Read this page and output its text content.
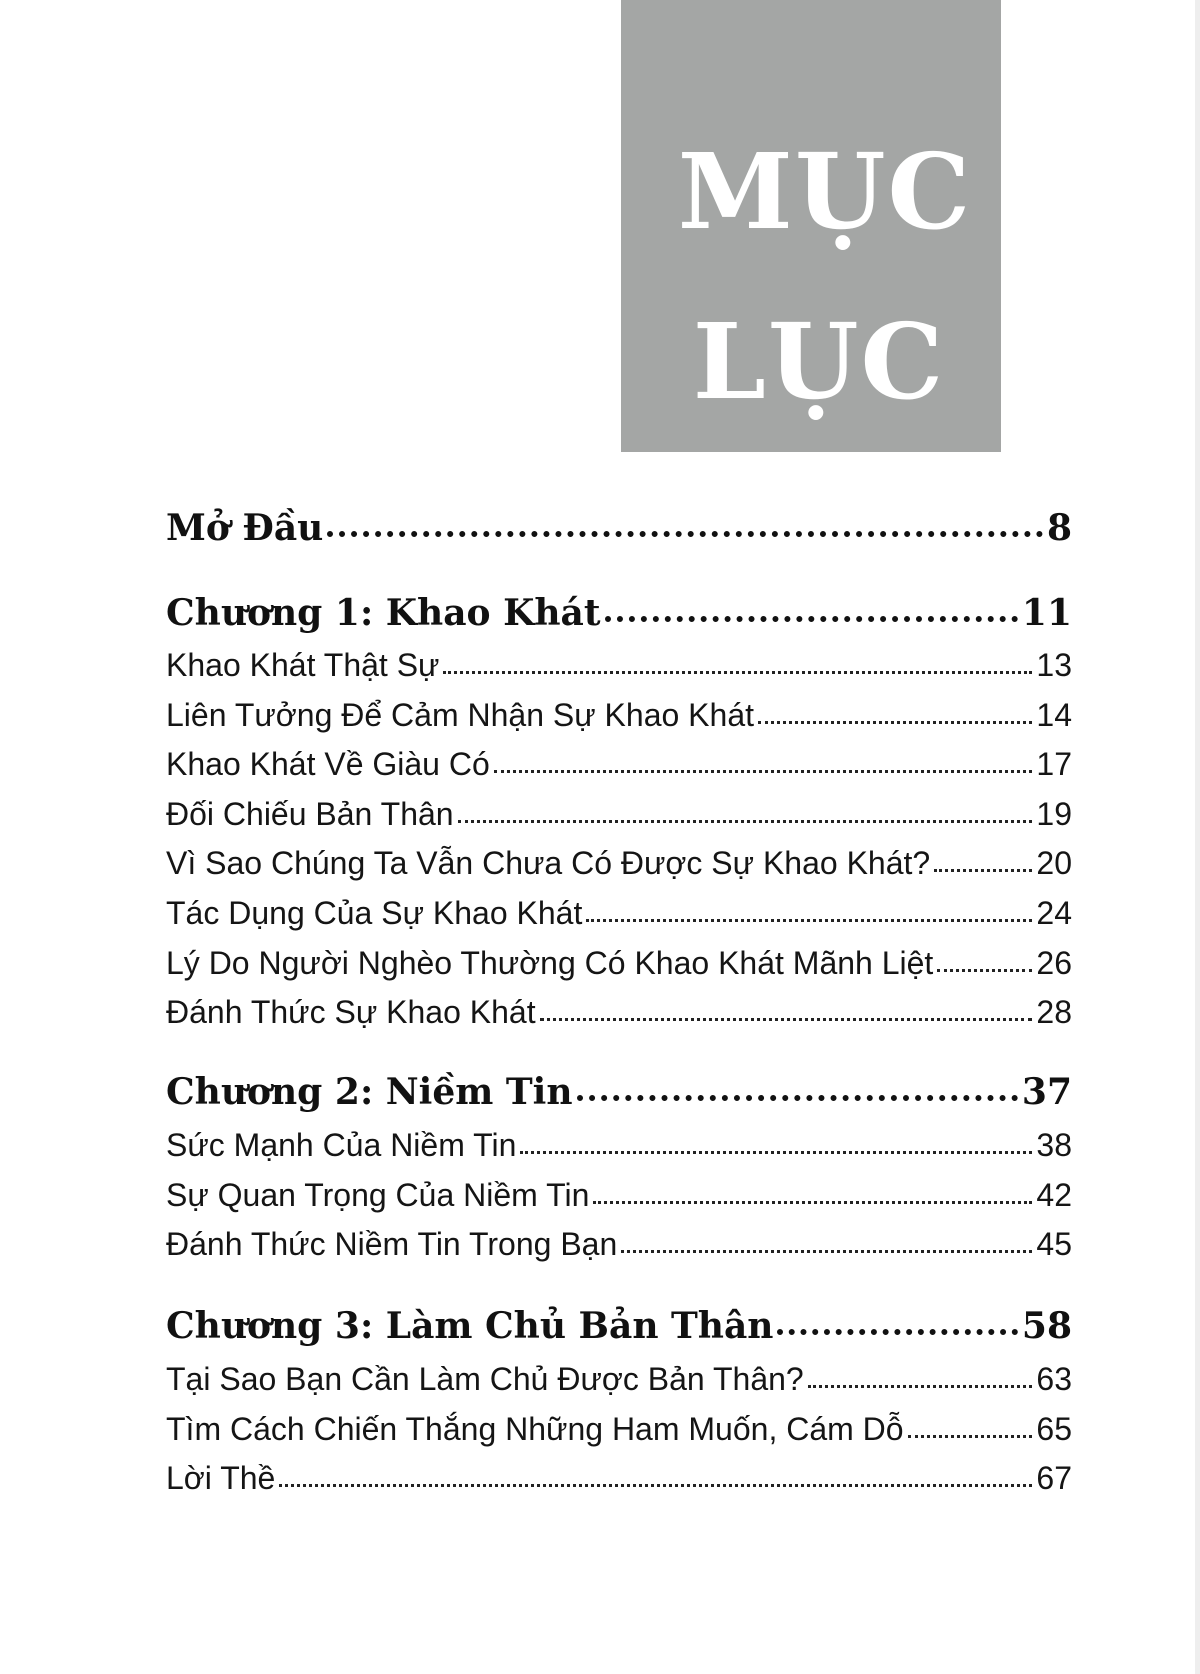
MỤC
LỤC
Mở Đầu	8
Chương 1: Khao Khát	11
Khao Khát Thật Sự	13
Liên Tưởng Để Cảm Nhận Sự Khao Khát	14
Khao Khát Về Giàu Có	17
Đối Chiếu Bản Thân	19
Vì Sao Chúng Ta Vẫn Chưa Có Được Sự Khao Khát?	20
Tác Dụng Của Sự Khao Khát	24
Lý Do Người Nghèo Thường Có Khao Khát Mãnh Liệt	26
Đánh Thức Sự Khao Khát	28
Chương 2: Niềm Tin	37
Sức Mạnh Của Niềm Tin	38
Sự Quan Trọng Của Niềm Tin	42
Đánh Thức Niềm Tin Trong Bạn	45
Chương 3: Làm Chủ Bản Thân	58
Tại Sao Bạn Cần Làm Chủ Được Bản Thân?	63
Tìm Cách Chiến Thắng Những Ham Muốn, Cám Dỗ	65
Lời Thề	67
